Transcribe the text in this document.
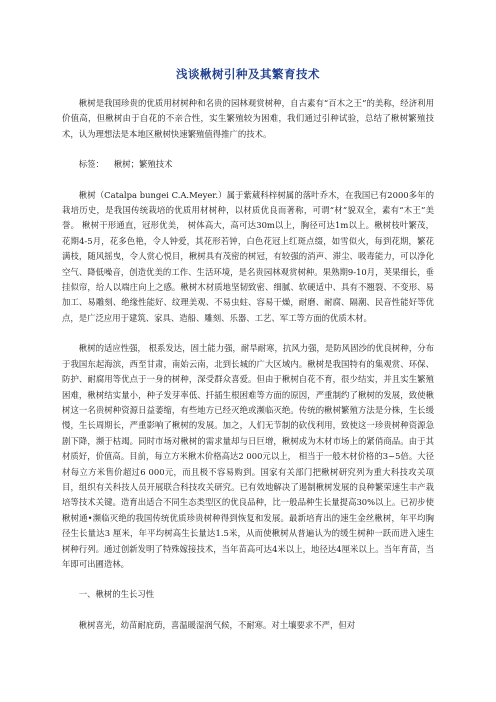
浅谈楸树引种及其繁育技术

楸树是我国珍贵的优质用材树种和名贵的园林观赏树种，自古素有“百木之王”的美称，经济利用价值高，但楸树由于自花的不亲合性，实生繁殖较为困难，我们通过引种试验，总结了楸树繁殖技术，认为理想法是本地区楸树快速繁殖值得推广的技术。

标签： 楸树；繁殖技术

楸树（Catalpa bungei C.A.Meyer.）属于紫葳科梓树属的落叶乔木，在我国已有2000多年的栽培历史，是我国传统栽培的优质用材树种，以材质优良而著称，可谓“材”貌双全，素有“木王”美誉。 楸树干形通直，冠形优美， 树体高大，高可达30m以上，胸径可达1m以上。楸树枝叶繁茂，花期4-5月，花多色艳，令人钟爱，其花形若钟，白色花冠上红斑点缀，如雪似火，每到花期，繁花满枝，随风摇曳，令人赏心悦目，楸树具有茂密的树冠，有较强的消声、滞尘、吸毒能力，可以净化空气、降低噪音，创造优美的工作、生活环境，是名贵园林观赏树种。果熟期9-10月，荚果细长，垂挂似帘，给人以端庄向上之感。楸树木材质地坚韧致密、细腻、软硬适中、具有不翘裂、不变形、易加工、易雕刻、绝缘性能好、纹理美观、不易虫蛀、容易干燥，耐磨、耐腐、隔潮、民音性能好等优点，是广泛应用于建筑、家具、造船、雕刻、乐器、工艺、军工等方面的优质木材。

楸树的适应性强， 根系发达，固土能力强，耐旱耐寒，抗风力强，是防风固沙的优良树种，分布于我国东起海滨，西至甘肃，南始云南，北到长城的广大区域内。楸树是我国特有的集观赏、环保、防护、耐腐用等优点于一身的树种，深受群众喜爱。但由于楸树自花不育，很少结实，并且实生繁殖困难，楸树结实量小，种子发芽率低、扦插生根困难等方面的原因，严重制约了楸树的发展，致使楸树这一名贵树种资源日益萎缩，有些地方已经灭绝或濒临灭绝。传统的楸树繁殖方法是分株，生长缓慢，生长周期长，严重影响了楸树的发展。加之，人们无节制的砍伐利用，致使这一珍贵树种资源急剧下降，濒于枯竭。同时市场对楸树的需求量却与日巨增，楸树成为木材市场上的紧俏商品。由于其材质好，价值高。目前，每立方米楸木价格高达2 000元以上， 相当于一般木材价格的3~5倍。大径材每立方米售价超过6 000元，而且极不容易购到。国家有关部门把楸树研究列为重大科技攻关项目，组织有关科技人员开展联合科技攻关研究。已有效地解决了遏制楸树发展的良种繁荣速生丰产栽培等技术关键。造育出适合不同生态类型区的优良品种，比一般品种生长量提高30%以上。已初步使楸树通•濒临灭绝的我国传统优质珍贵树种得到恢复和发展。最新培育出的速生金丝楸树，年平均胸径生长量达3 厘米，年平均树高生长量达1.5米，从而使楸树从普遍认为的缓生树种一跃而进入速生树种行列。通过创新发明了特殊嫁接技术，当年苗高可达4米以上，地径达4厘米以上。当年育苗，当年即可出圃造林。

一、楸树的生长习性

楸树喜光，幼苗耐庇荫，喜温暖湿润气候，不耐寒。对土壤要求不严，但对
